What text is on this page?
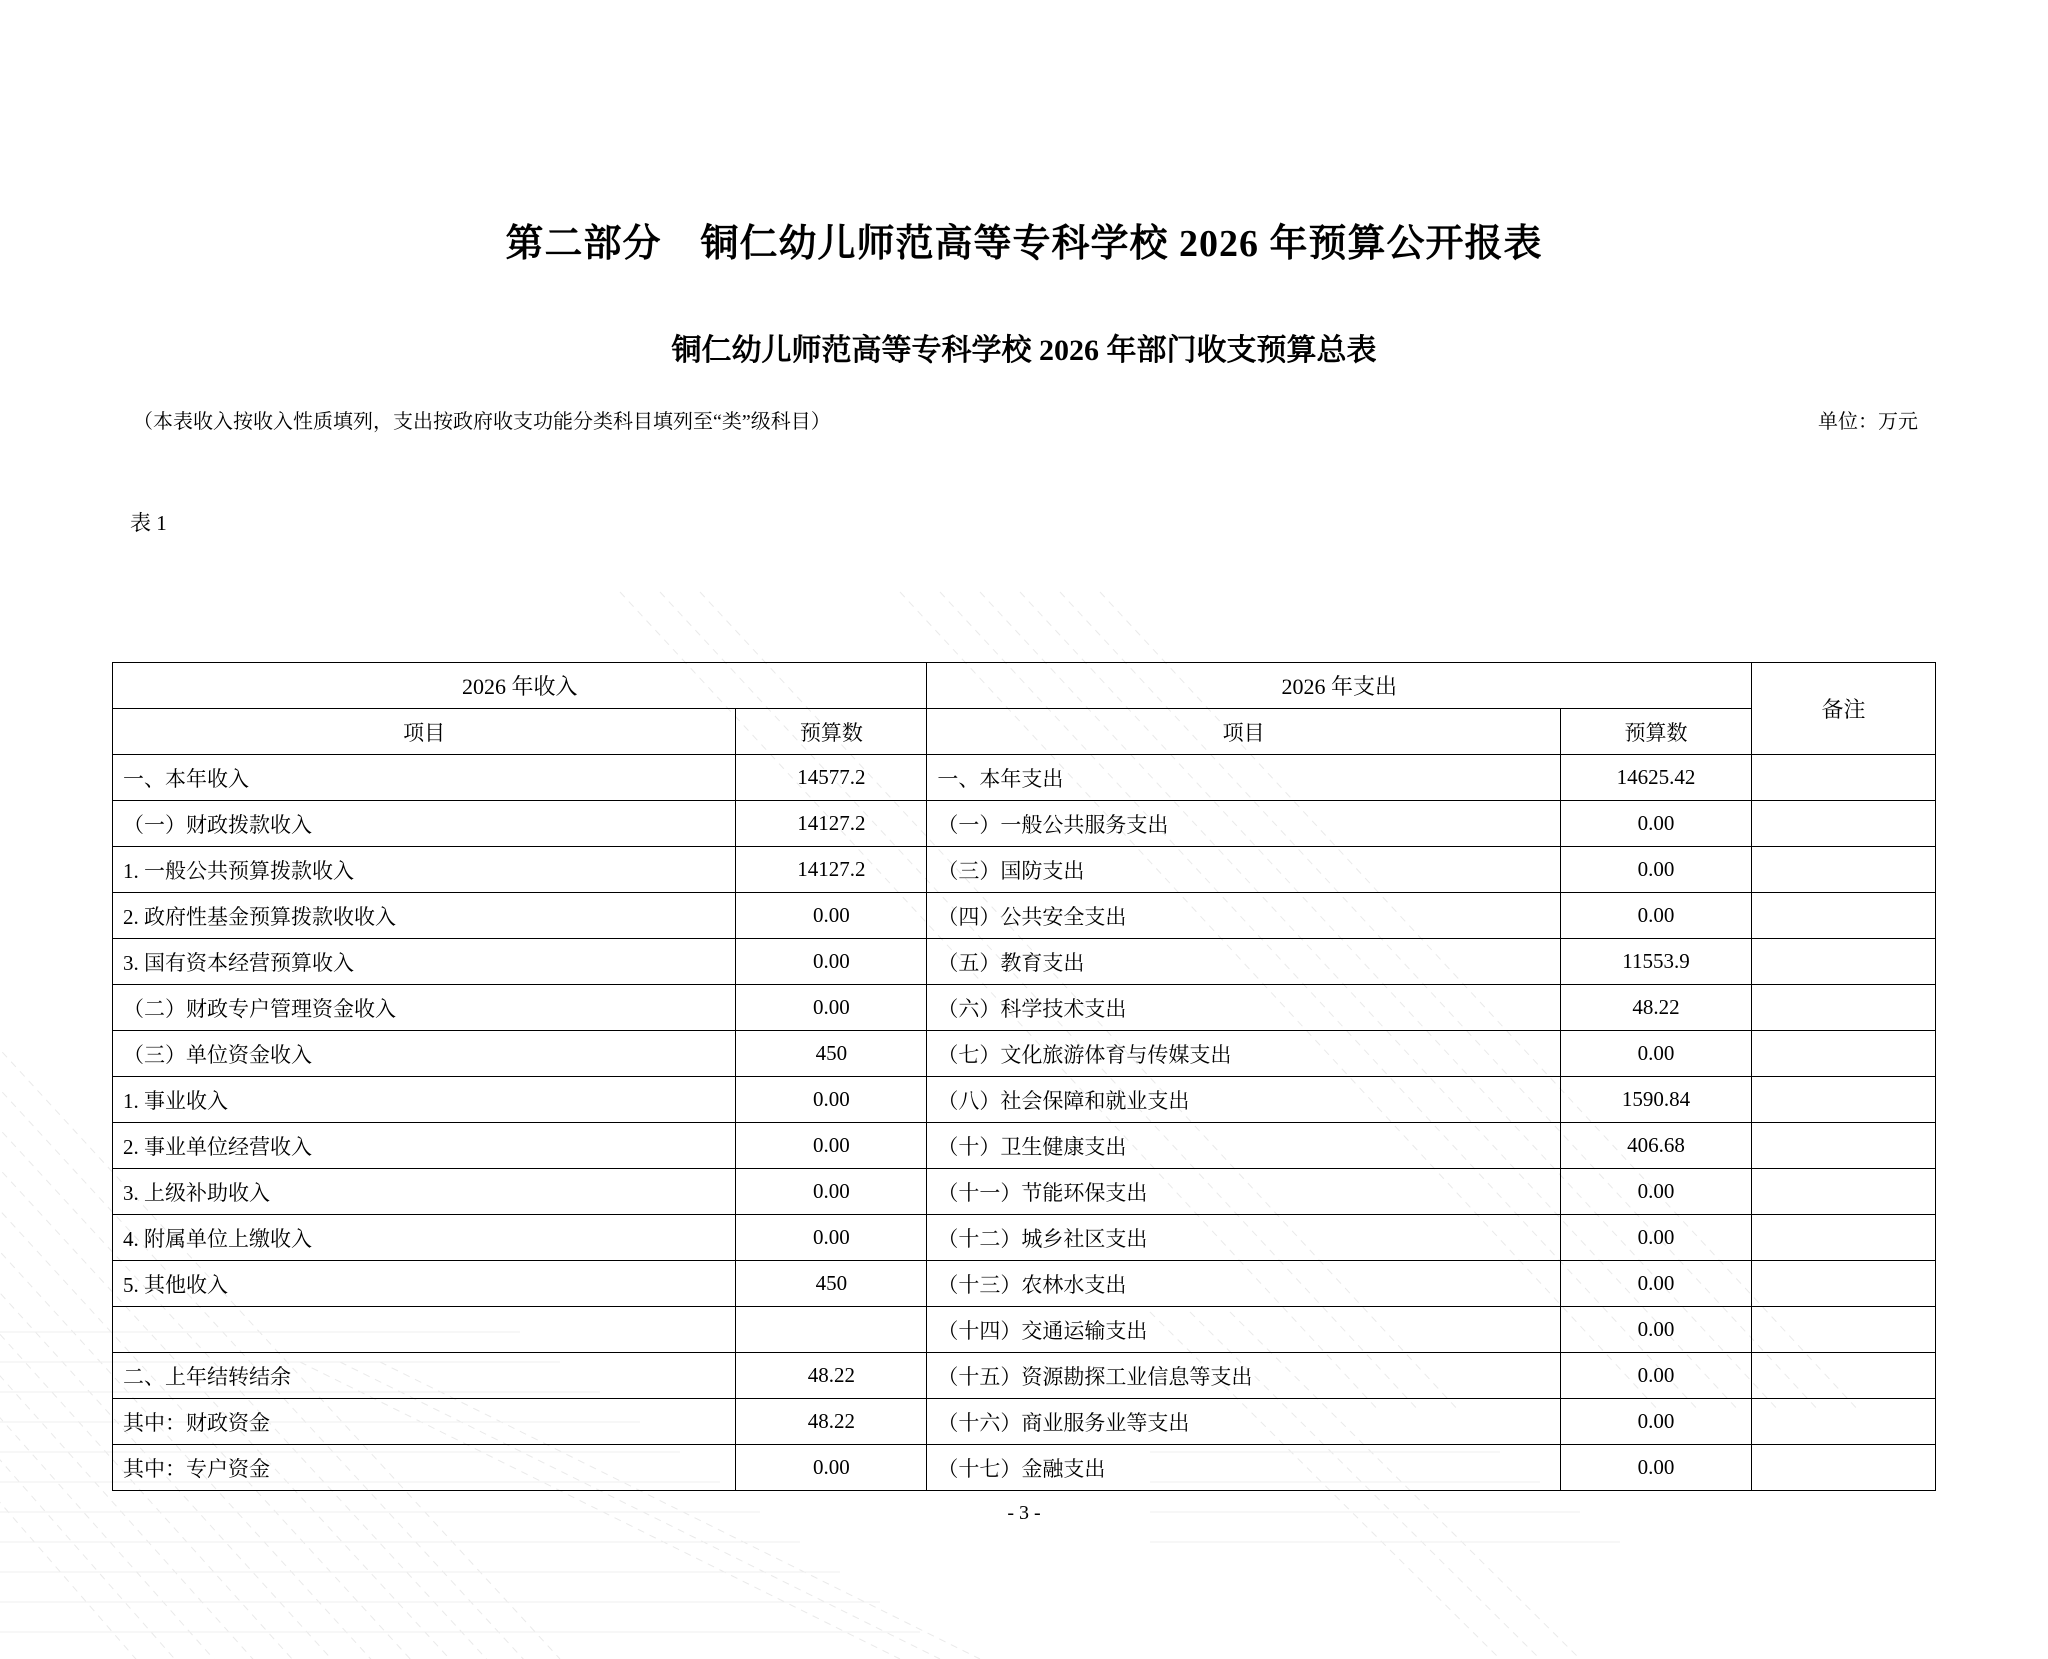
第二部分　铜仁幼儿师范高等专科学校 2026 年预算公开报表
表 1
铜仁幼儿师范高等专科学校 2026 年部门收支预算总表
（本表收入按收入性质填列，支出按政府收支功能分类科目填列至“类”级科目）	单位：万元
2026 年收入		2026 年支出		备注
项目	预算数	项目	预算数	
一、本年收入	14577.2	一、本年支出	14625.42	
（一）财政拨款收入	14127.2	（一）一般公共服务支出	0.00	
1. 一般公共预算拨款收入	14127.2	（三）国防支出	0.00	
2. 政府性基金预算拨款收收入	0.00	（四）公共安全支出	0.00	
3. 国有资本经营预算收入	0.00	（五）教育支出	11553.9	
（二）财政专户管理资金收入	0.00	（六）科学技术支出	48.22	
（三）单位资金收入	450	（七）文化旅游体育与传媒支出	0.00	
1. 事业收入	0.00	（八）社会保障和就业支出	1590.84	
2. 事业单位经营收入	0.00	（十）卫生健康支出	406.68	
3. 上级补助收入	0.00	（十一）节能环保支出	0.00	
4. 附属单位上缴收入	0.00	（十二）城乡社区支出	0.00	
5. 其他收入	450	（十三）农林水支出	0.00	
		（十四）交通运输支出	0.00	
二、上年结转结余	48.22	（十五）资源勘探工业信息等支出	0.00	
其中：财政资金	48.22	（十六）商业服务业等支出	0.00	
其中：专户资金	0.00	（十七）金融支出	0.00	
- 3 -
